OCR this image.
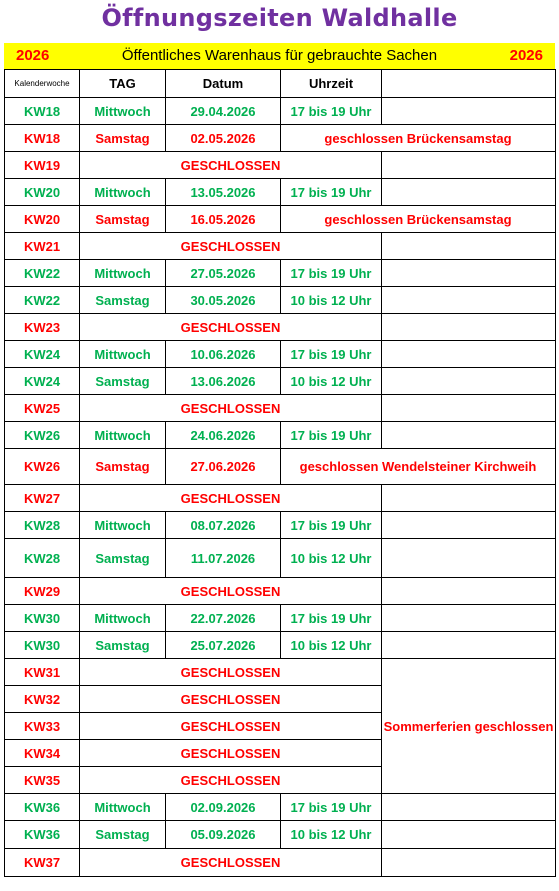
Öffnungszeiten Waldhalle
2026	Öffentliches Warenhaus für gebrauchte Sachen	2026
Kalenderwoche	TAG	Datum	Uhrzeit	
KW18	Mittwoch	29.04.2026	17 bis 19 Uhr	
KW18	Samstag	02.05.2026	geschlossen Brückensamstag	
KW19	GESCHLOSSEN			
KW20	Mittwoch	13.05.2026	17 bis 19 Uhr	
KW20	Samstag	16.05.2026	geschlossen Brückensamstag	
KW21	GESCHLOSSEN			
KW22	Mittwoch	27.05.2026	17 bis 19 Uhr	
KW22	Samstag	30.05.2026	10 bis 12 Uhr	
KW23	GESCHLOSSEN			
KW24	Mittwoch	10.06.2026	17 bis 19 Uhr	
KW24	Samstag	13.06.2026	10 bis 12 Uhr	
KW25	GESCHLOSSEN			
KW26	Mittwoch	24.06.2026	17 bis 19 Uhr	
KW26	Samstag	27.06.2026	geschlossen Wendelsteiner Kirchweih	
KW27	GESCHLOSSEN			
KW28	Mittwoch	08.07.2026	17 bis 19 Uhr	
KW28	Samstag	11.07.2026	10 bis 12 Uhr	
KW29	GESCHLOSSEN			
KW30	Mittwoch	22.07.2026	17 bis 19 Uhr	
KW30	Samstag	25.07.2026	10 bis 12 Uhr	
KW31	GESCHLOSSEN			Sommerferien geschlossen
KW32	GESCHLOSSEN			
KW33	GESCHLOSSEN			
KW34	GESCHLOSSEN			
KW35	GESCHLOSSEN			
KW36	Mittwoch	02.09.2026	17 bis 19 Uhr	
KW36	Samstag	05.09.2026	10 bis 12 Uhr	
KW37	GESCHLOSSEN			
